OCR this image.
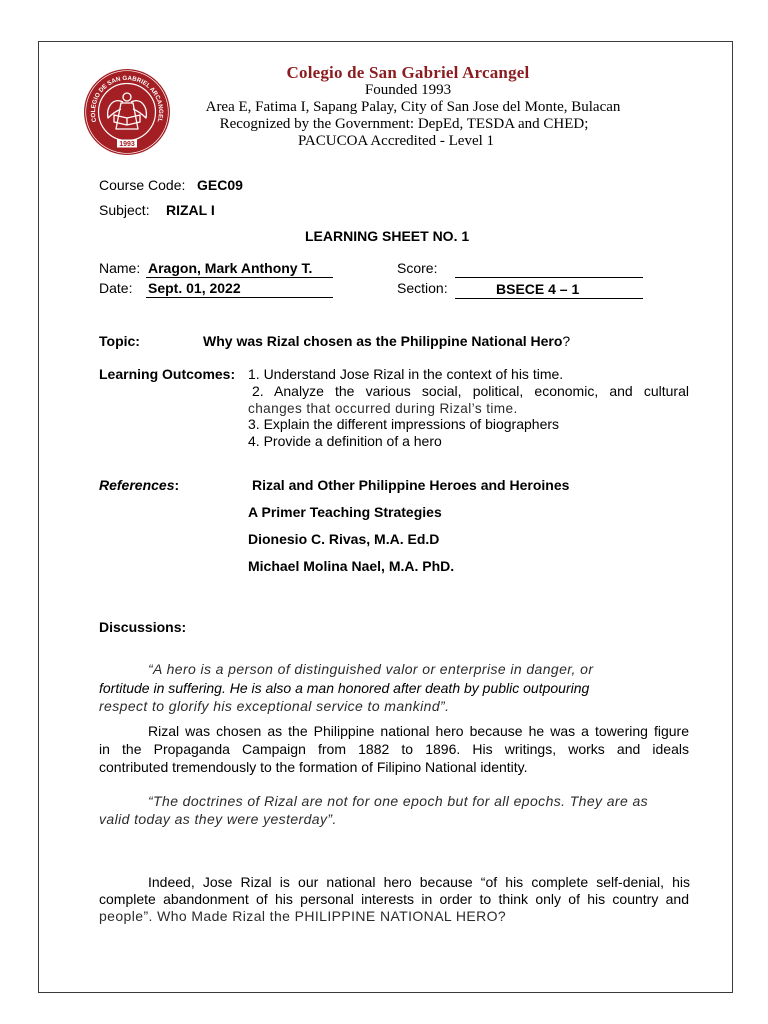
COLEGIO DE SAN GABRIEL ARCANGEL
1993
Colegio de San Gabriel Arcangel
Founded 1993
Area E, Fatima I, Sapang Palay, City of San Jose del Monte, Bulacan
Recognized by the Government: DepEd, TESDA and CHED;
PACUCOA Accredited - Level 1
Course Code: GEC09
Subject: RIZAL I
LEARNING SHEET NO. 1
Name: Aragon, Mark Anthony T.	Score:
Date: Sept. 01, 2022	Section:	BSECE 4 – 1
Topic:	Why was Rizal chosen as the Philippine National Hero?
Learning Outcomes: 1. Understand Jose Rizal in the context of his time.
2. Analyze the various social, political, economic, and cultural
changes that occurred during Rizal’s time.
3. Explain the different impressions of biographers
4. Provide a definition of a hero
References:	Rizal and Other Philippine Heroes and Heroines
A Primer Teaching Strategies
Dionesio C. Rivas, M.A. Ed.D
Michael Molina Nael, M.A. PhD.
Discussions:
“A hero is a person of distinguished valor or enterprise in danger, or
fortitude in suffering. He is also a man honored after death by public outpouring
respect to glorify his exceptional service to mankind”.
Rizal was chosen as the Philippine national hero because he was a towering figure
in the Propaganda Campaign from 1882 to 1896. His writings, works and ideals
contributed tremendously to the formation of Filipino National identity.
“The doctrines of Rizal are not for one epoch but for all epochs. They are as
valid today as they were yesterday”.
Indeed, Jose Rizal is our national hero because “of his complete self-denial, his
complete abandonment of his personal interests in order to think only of his country and
people”. Who Made Rizal the PHILIPPINE NATIONAL HERO?
